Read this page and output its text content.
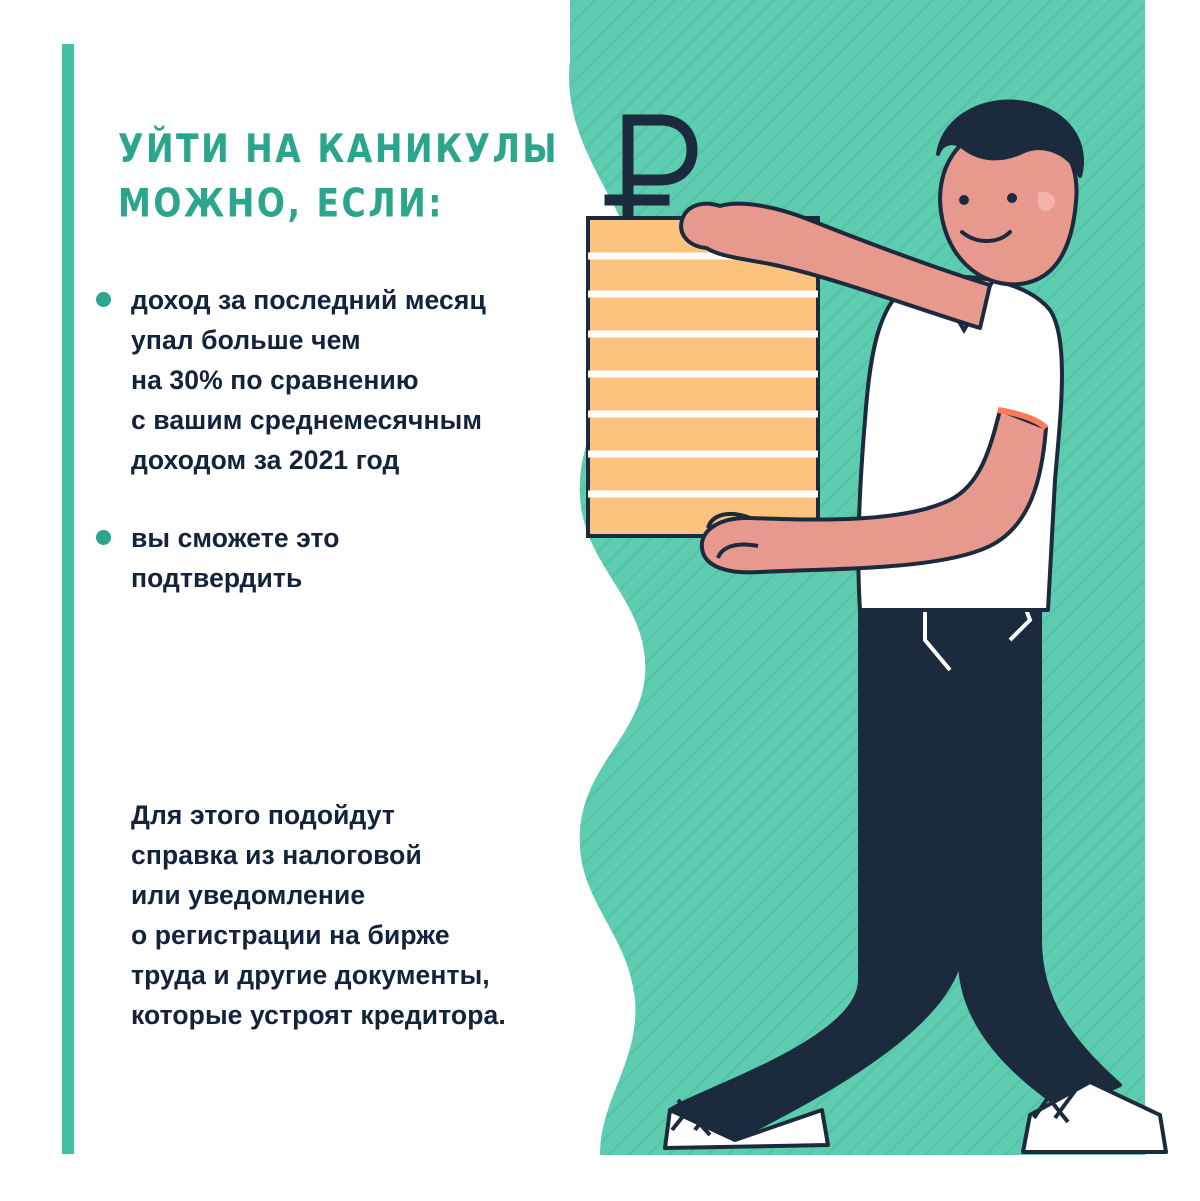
УЙТИ НА КАНИКУЛЫ
МОЖНО, ЕСЛИ:
доход за последний месяц
упал больше чем
на 30% по сравнению
с вашим среднемесячным
доходом за 2021 год
вы сможете это
подтвердить
Для этого подойдут
справка из налоговой
или уведомление
о регистрации на бирже
труда и другие документы,
которые устроят кредитора.
